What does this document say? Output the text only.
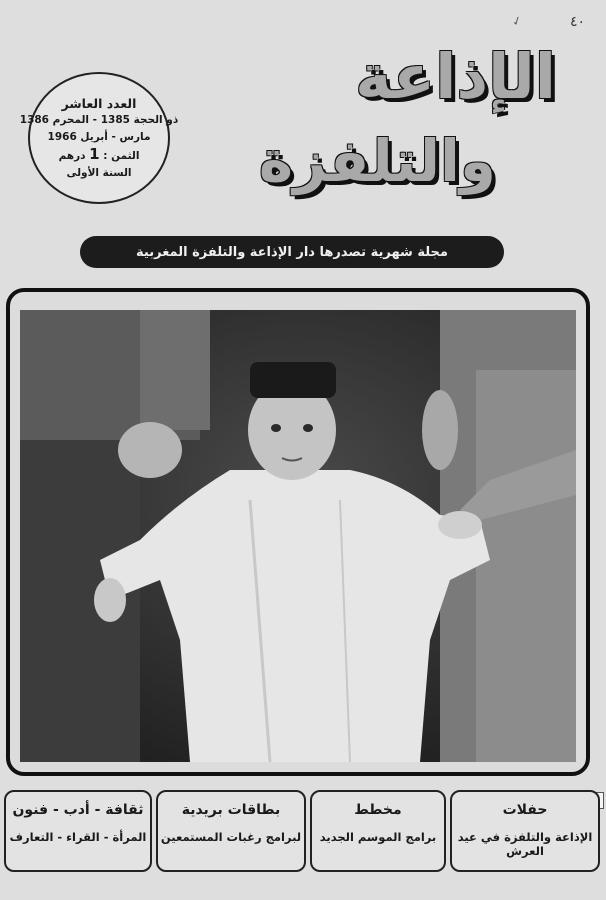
✓	٤٠
الإذاعة
والتلفزة
العدد العاشر
ذو الحجة 1385 - المحرم 1386
مارس - أبريل 1966
الثمن : 1 درهم
السنة الأولى
مجلة شهرية تصدرها دار الإذاعة والتلفزة المغربية
حفلات
الإذاعة والتلفزة في عيد العرش
مخطط
برامج الموسم الجديد
بطاقات بريدية
لبرامج رغبات المستمعين
ثقافة - أدب - فنون
المرأة - القراء - التعارف
